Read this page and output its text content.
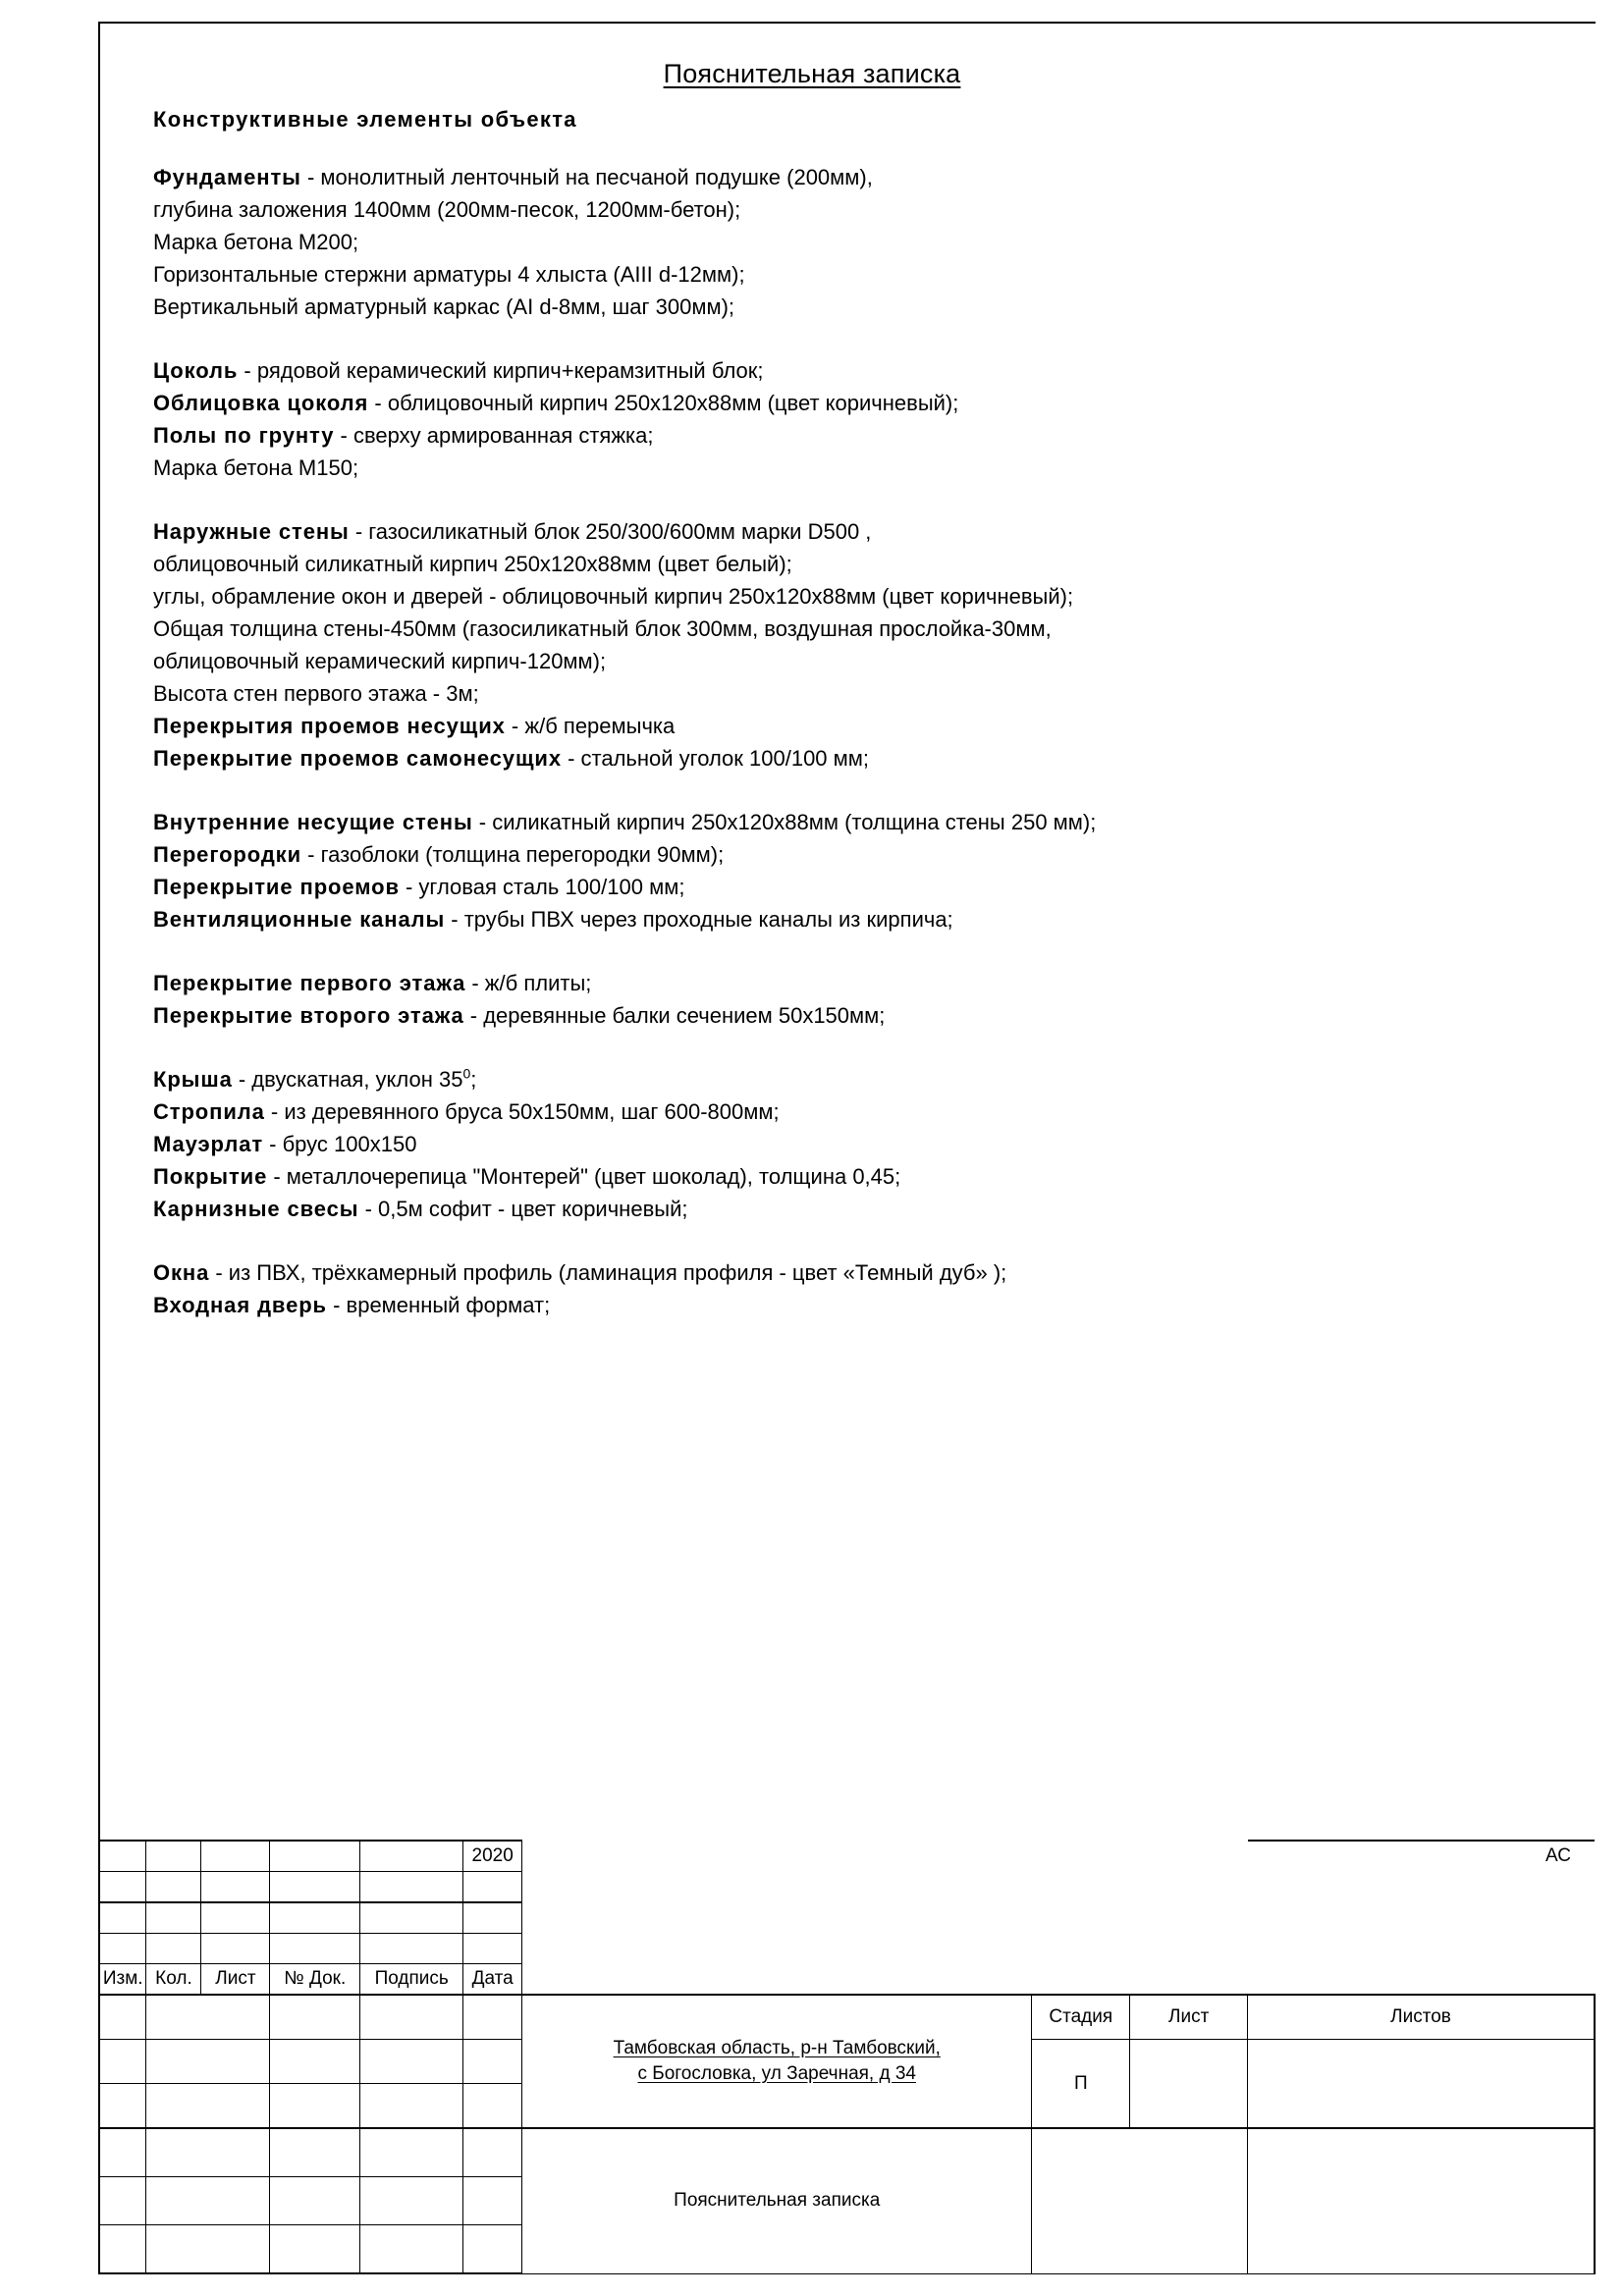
Пояснительная записка
Конструктивные элементы объекта
Фундаменты - монолитный ленточный на песчаной подушке (200мм),
глубина заложения 1400мм (200мм-песок, 1200мм-бетон);
Марка бетона М200;
Горизонтальные стержни арматуры 4 хлыста (АIII d-12мм);
Вертикальный арматурный каркас (АI d-8мм, шаг 300мм);
Цоколь - рядовой керамический кирпич+керамзитный блок;
Облицовка цоколя - облицовочный кирпич 250х120х88мм (цвет коричневый);
Полы по грунту - сверху армированная стяжка;
Марка бетона М150;
Наружные стены - газосиликатный блок 250/300/600мм марки D500 ,
облицовочный силикатный кирпич 250х120х88мм (цвет белый);
углы, обрамление окон и дверей - облицовочный кирпич 250х120х88мм (цвет коричневый);
Общая толщина стены-450мм (газосиликатный блок 300мм, воздушная прослойка-30мм,
облицовочный керамический кирпич-120мм);
Высота стен первого этажа - 3м;
Перекрытия проемов несущих - ж/б перемычка
Перекрытие проемов самонесущих - стальной уголок 100/100 мм;
Внутренние несущие стены - силикатный кирпич 250х120х88мм (толщина стены 250 мм);
Перегородки - газоблоки (толщина перегородки 90мм);
Перекрытие проемов - угловая сталь 100/100 мм;
Вентиляционные каналы - трубы ПВХ через проходные каналы из кирпича;
Перекрытие первого этажа - ж/б плиты;
Перекрытие второго этажа - деревянные балки сечением 50х150мм;
Крыша - двускатная, уклон $35^0$;
Стропила - из деревянного бруса 50х150мм, шаг 600-800мм;
Мауэрлат - брус 100х150
Покрытие - металлочерепица "Монтерей" (цвет шоколад), толщина 0,45;
Карнизные свесы - 0,5м софит - цвет коричневый;
Окна - из ПВХ, трёхкамерный профиль (ламинация профиля - цвет «Темный дуб» );
Входная дверь - временный формат;
					2020				АС

Изм.	Кол.	Лист	№ Док.	Подпись	Дата				

						Тамбовская область, р-н Тамбовский,
с Богословка, ул Заречная, д 34	Стадия	Лист	Листов
							П		

						Пояснительная записка			
